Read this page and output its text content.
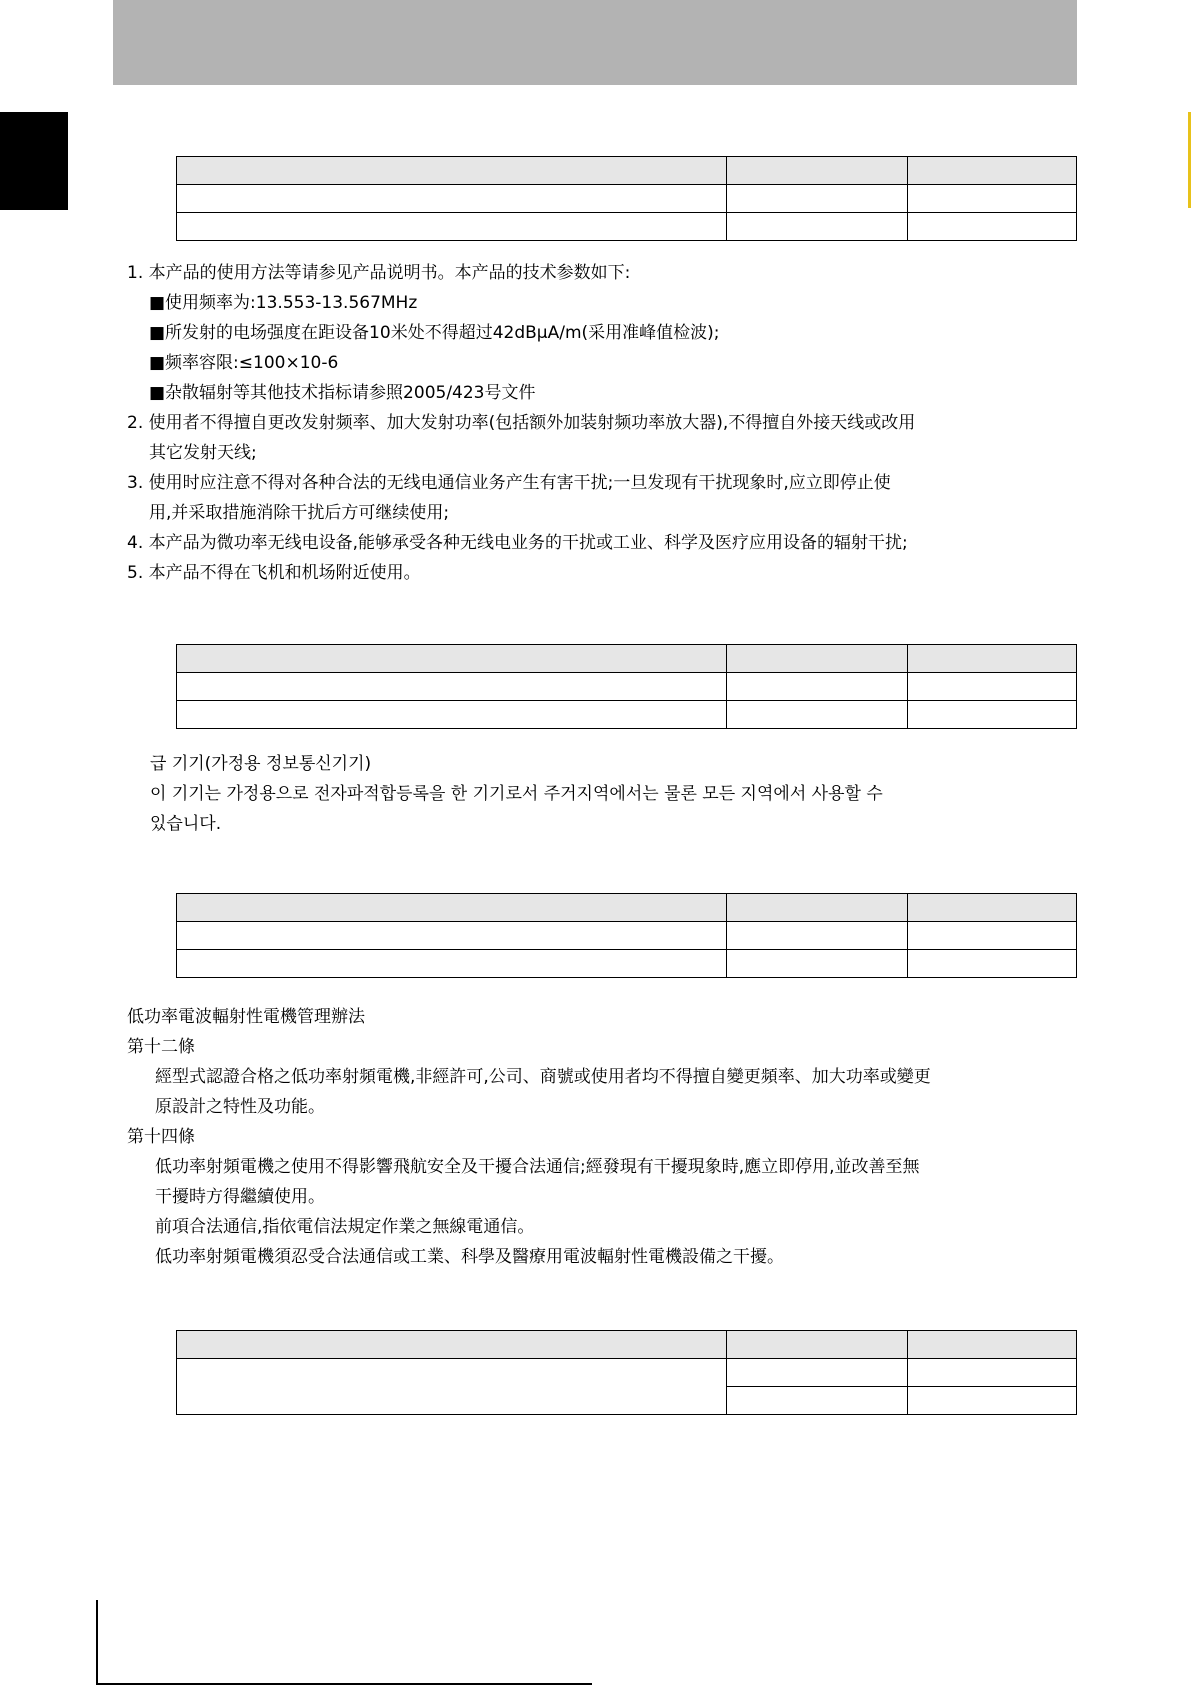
1. 本产品的使用方法等请参见产品说明书。本产品的技术参数如下:

■使用频率为:13.553-13.567MHz

■所发射的电场强度在距设备10米处不得超过42dBμA/m(采用准峰值检波);

■频率容限:≤100×10-6

■杂散辐射等其他技术指标请参照2005/423号文件

2. 使用者不得擅自更改发射频率、加大发射功率(包括额外加装射频功率放大器),不得擅自外接天线或改用

其它发射天线;

3. 使用时应注意不得对各种合法的无线电通信业务产生有害干扰;一旦发现有干扰现象时,应立即停止使

用,并采取措施消除干扰后方可继续使用;

4. 本产品为微功率无线电设备,能够承受各种无线电业务的干扰或工业、科学及医疗应用设备的辐射干扰;

5. 本产品不得在飞机和机场附近使用。

급 기기(가정용 정보통신기기)

이 기기는 가정용으로 전자파적합등록을 한 기기로서 주거지역에서는 물론 모든 지역에서 사용할 수

있습니다.

低功率電波輻射性電機管理辦法

第十二條

經型式認證合格之低功率射頻電機,非經許可,公司、商號或使用者均不得擅自變更頻率、加大功率或變更

原設計之特性及功能。

第十四條

低功率射頻電機之使用不得影響飛航安全及干擾合法通信;經發現有干擾現象時,應立即停用,並改善至無

干擾時方得繼續使用。

前項合法通信,指依電信法規定作業之無線電通信。

低功率射頻電機須忍受合法通信或工業、科學及醫療用電波輻射性電機設備之干擾。
